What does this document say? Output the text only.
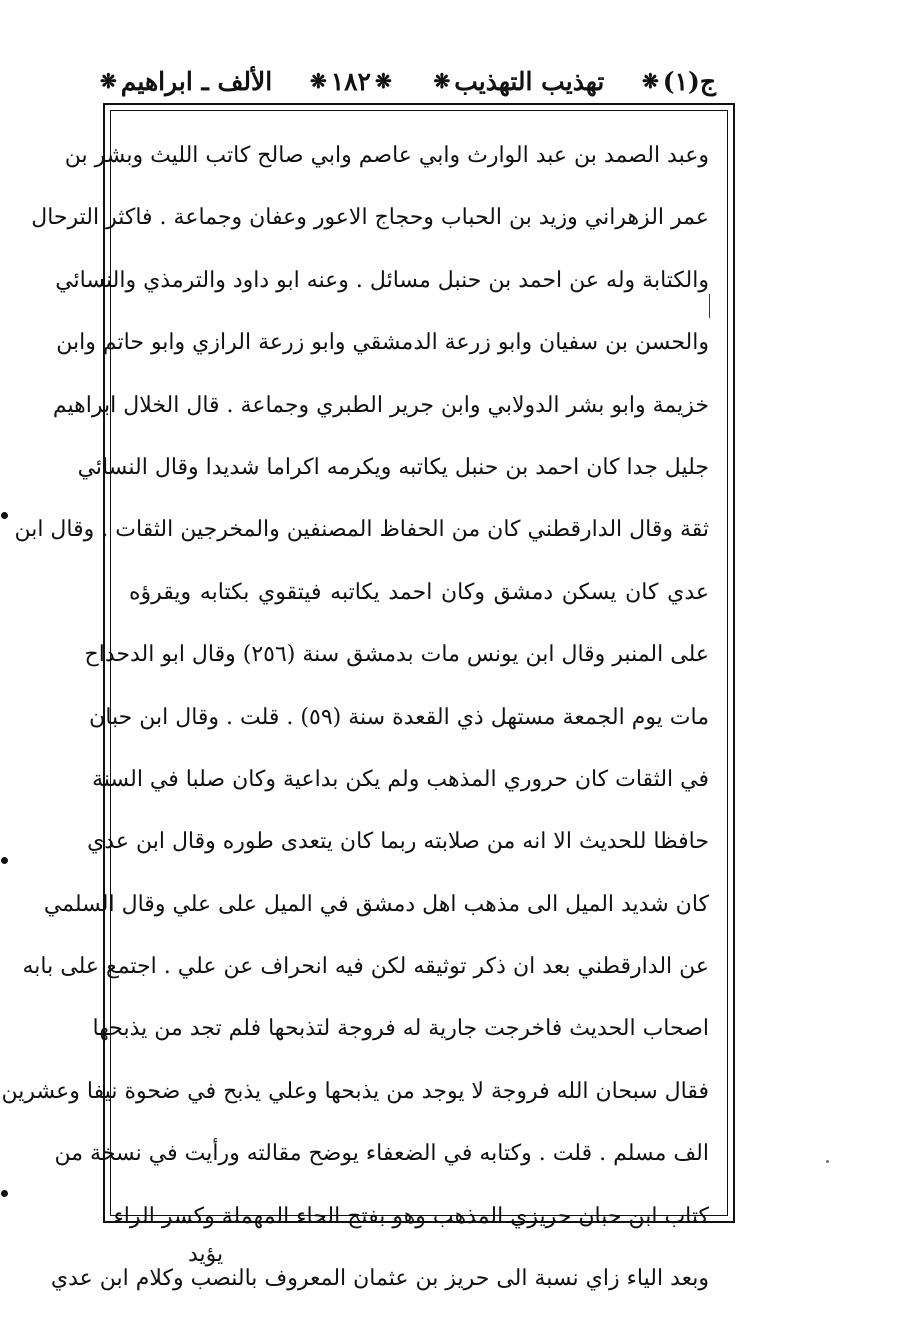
ج(١)
❋
تهذيب التهذيب
❋
❋
١٨٢
❋
الألف ـ ابراهيم
❋
وعبد الصمد بن عبد الوارث وابي عاصم وابي صالح كاتب الليث وبشر بن
عمر الزهراني وزيد بن الحباب وحجاج الاعور وعفان وجماعة . فاكثر الترحال
والكتابة وله عن احمد بن حنبل مسائل . وعنه ابو داود والترمذي والنسائي
والحسن بن سفيان وابو زرعة الدمشقي وابو زرعة الرازي وابو حاتم وابن
خزيمة وابو بشر الدولابي وابن جرير الطبري وجماعة . قال الخلال ابراهيم
جليل جدا كان احمد بن حنبل يكاتبه ويكرمه اكراما شديدا وقال النسائي
ثقة وقال الدارقطني كان من الحفاظ المصنفين والمخرجين الثقات . وقال ابن
عدي كان يسكن دمشق وكان احمد يكاتبه فيتقوي بكتابه ويقرؤه
على المنبر وقال ابن يونس مات بدمشق سنة (٢٥٦) وقال ابو الدحداح
مات يوم الجمعة مستهل ذي القعدة سنة (٥٩) . قلت . وقال ابن حبان
في الثقات كان حروري المذهب ولم يكن بداعية وكان صلبا في السنة
حافظا للحديث الا انه من صلابته ربما كان يتعدى طوره وقال ابن عدي
كان شديد الميل الى مذهب اهل دمشق في الميل على علي وقال السلمي
عن الدارقطني بعد ان ذكر توثيقه لكن فيه انحراف عن علي . اجتمع على بابه
اصحاب الحديث فاخرجت جارية له فروجة لتذبحها فلم تجد من يذبحها
فقال سبحان الله فروجة لا يوجد من يذبحها وعلي يذبح في ضحوة نيفا وعشرين
الف مسلم . قلت . وكتابه في الضعفاء يوضح مقالته ورأيت في نسخة من
كتاب ابن حبان حريزي المذهب وهو بفتح الحاء المهملة وكسر الراء
وبعد الياء زاي نسبة الى حريز بن عثمان المعروف بالنصب وكلام ابن عدي
يؤيد
